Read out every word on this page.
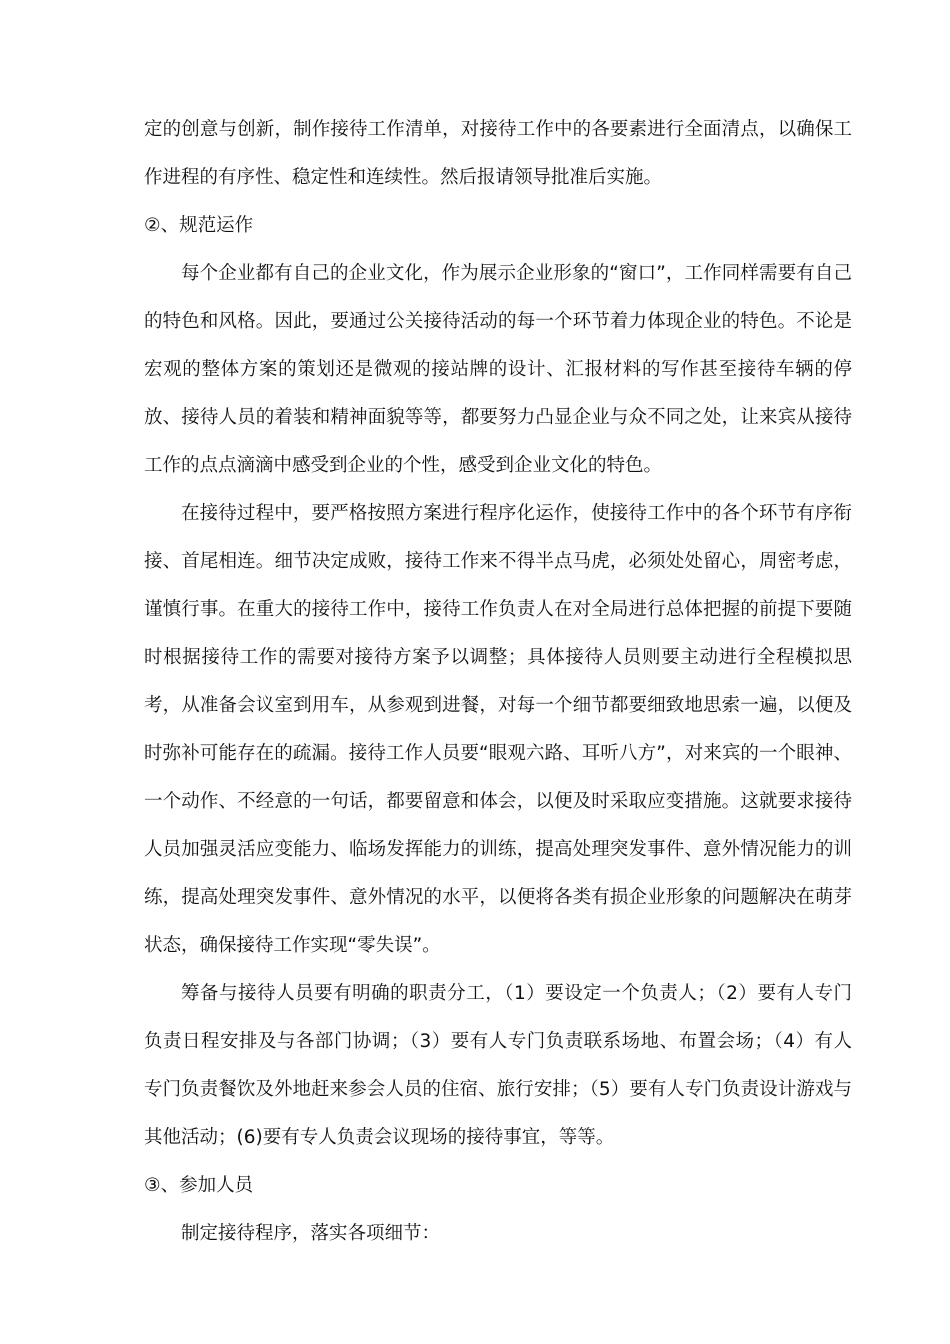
定的创意与创新，制作接待工作清单，对接待工作中的各要素进行全面清点，以确保工作进程的有序性、稳定性和连续性。然后报请领导批准后实施。

②、规范运作

每个企业都有自己的企业文化，作为展示企业形象的“窗口”，工作同样需要有自己的特色和风格。因此，要通过公关接待活动的每一个环节着力体现企业的特色。不论是宏观的整体方案的策划还是微观的接站牌的设计、汇报材料的写作甚至接待车辆的停放、接待人员的着装和精神面貌等等，都要努力凸显企业与众不同之处，让来宾从接待工作的点点滴滴中感受到企业的个性，感受到企业文化的特色。

在接待过程中，要严格按照方案进行程序化运作，使接待工作中的各个环节有序衔接、首尾相连。细节决定成败，接待工作来不得半点马虎，必须处处留心，周密考虑，谨慎行事。在重大的接待工作中，接待工作负责人在对全局进行总体把握的前提下要随时根据接待工作的需要对接待方案予以调整；具体接待人员则要主动进行全程模拟思考，从准备会议室到用车，从参观到进餐，对每一个细节都要细致地思索一遍，以便及时弥补可能存在的疏漏。接待工作人员要“眼观六路、耳听八方”，对来宾的一个眼神、一个动作、不经意的一句话，都要留意和体会，以便及时采取应变措施。这就要求接待人员加强灵活应变能力、临场发挥能力的训练，提高处理突发事件、意外情况能力的训练，提高处理突发事件、意外情况的水平，以便将各类有损企业形象的问题解决在萌芽状态，确保接待工作实现“零失误”。

筹备与接待人员要有明确的职责分工，（1）要设定一个负责人；（2）要有人专门负责日程安排及与各部门协调；（3）要有人专门负责联系场地、布置会场；（4）有人专门负责餐饮及外地赶来参会人员的住宿、旅行安排；（5）要有人专门负责设计游戏与其他活动；(6)要有专人负责会议现场的接待事宜，等等。

③、参加人员

制定接待程序，落实各项细节：
